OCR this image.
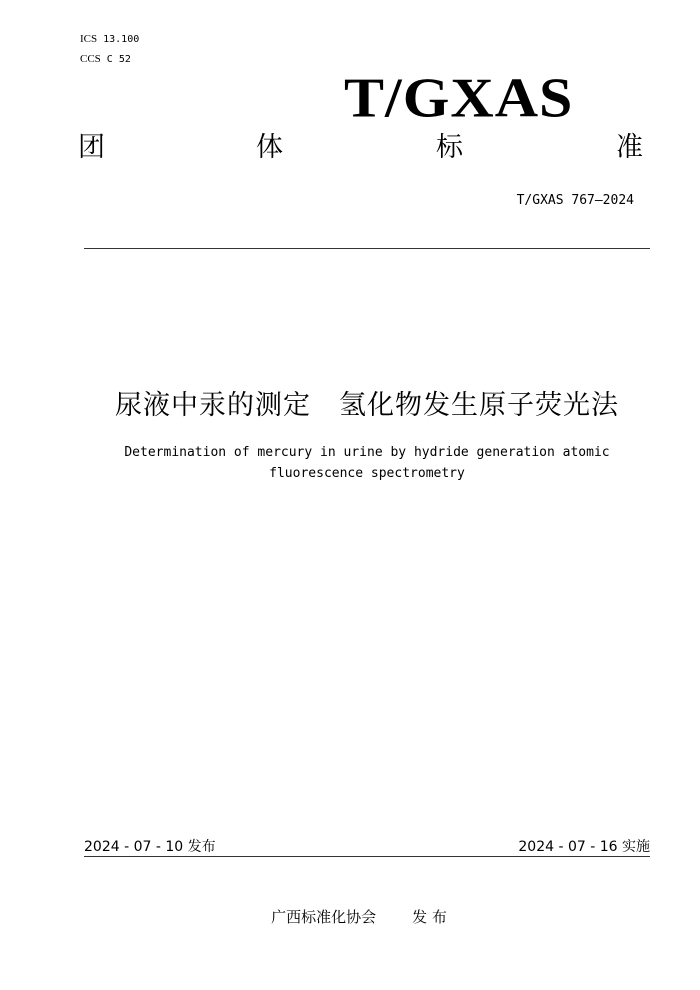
ICS 13.100
CCS C 52
T/GXAS
团	体	标	准
T/GXAS 767—2024
尿液中汞的测定 氢化物发生原子荧光法
Determination of mercury in urine by hydride generation atomic
fluorescence spectrometry
2024 - 07 - 10 发布	2024 - 07 - 16 实施
广西标准化协会 发 布
